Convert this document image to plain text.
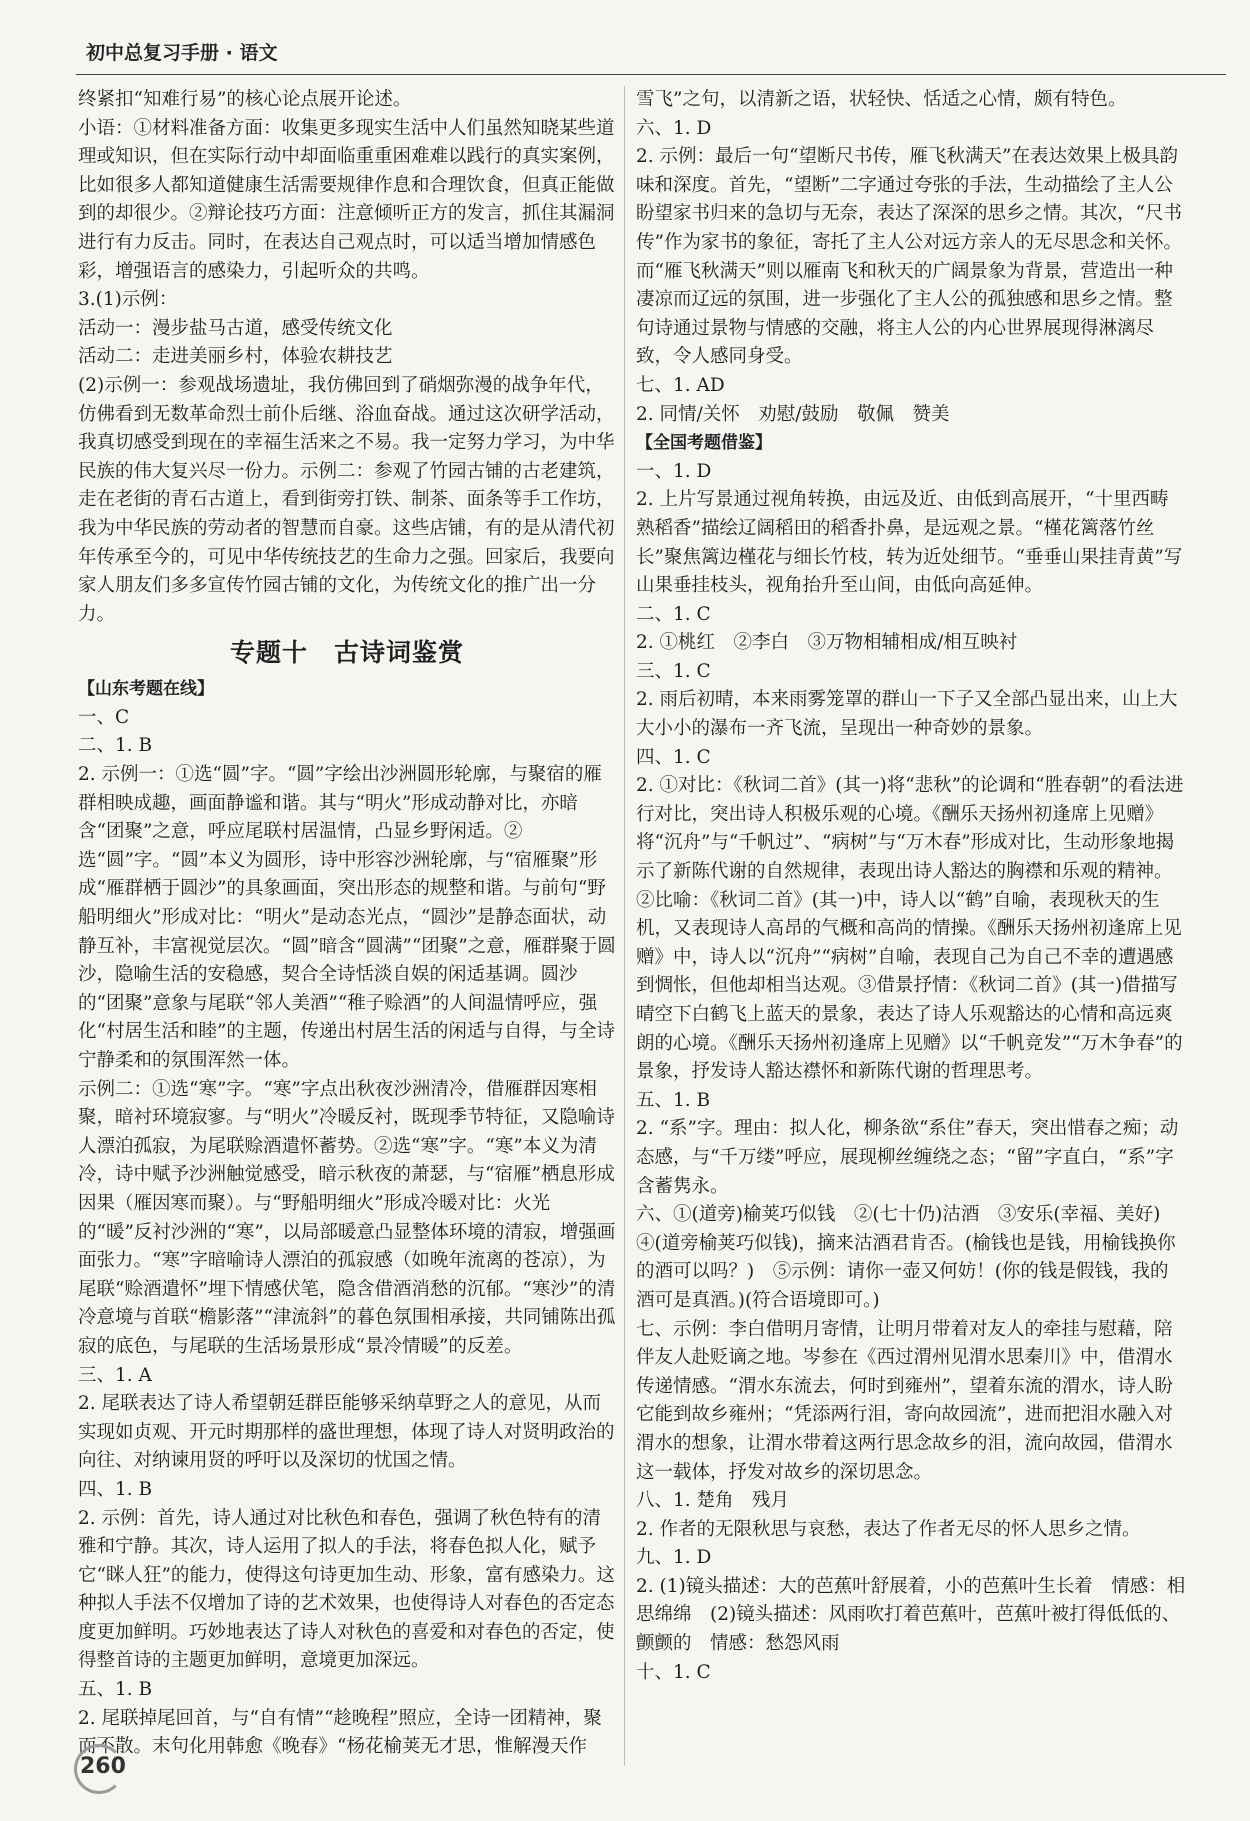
初中总复习手册 · 语文

终紧扣“知难行易”的核心论点展开论述。

小语：①材料准备方面：收集更多现实生活中人们虽然知晓某些道理或知识，但在实际行动中却面临重重困难难以践行的真实案例，比如很多人都知道健康生活需要规律作息和合理饮食，但真正能做到的却很少。②辩论技巧方面：注意倾听正方的发言，抓住其漏洞进行有力反击。同时，在表达自己观点时，可以适当增加情感色彩，增强语言的感染力，引起听众的共鸣。

3.(1)示例：

活动一：漫步盐马古道，感受传统文化

活动二：走进美丽乡村，体验农耕技艺

(2)示例一：参观战场遗址，我仿佛回到了硝烟弥漫的战争年代，仿佛看到无数革命烈士前仆后继、浴血奋战。通过这次研学活动，我真切感受到现在的幸福生活来之不易。我一定努力学习，为中华民族的伟大复兴尽一份力。示例二：参观了竹园古铺的古老建筑，走在老街的青石古道上，看到街旁打铁、制茶、面条等手工作坊，我为中华民族的劳动者的智慧而自豪。这些店铺，有的是从清代初年传承至今的，可见中华传统技艺的生命力之强。回家后，我要向家人朋友们多多宣传竹园古铺的文化，为传统文化的推广出一分力。

专题十　古诗词鉴赏

【山东考题在线】

一、C

二、1. B

2. 示例一：①选“圆”字。“圆”字绘出沙洲圆形轮廓，与聚宿的雁群相映成趣，画面静谧和谐。其与“明火”形成动静对比，亦暗含“团聚”之意，呼应尾联村居温情，凸显乡野闲适。②选“圆”字。“圆”本义为圆形，诗中形容沙洲轮廓，与“宿雁聚”形成“雁群栖于圆沙”的具象画面，突出形态的规整和谐。与前句“野船明细火”形成对比：“明火”是动态光点，“圆沙”是静态面状，动静互补，丰富视觉层次。“圆”暗含“圆满”“团聚”之意，雁群聚于圆沙，隐喻生活的安稳感，契合全诗恬淡自娱的闲适基调。圆沙的“团聚”意象与尾联“邻人美酒”“稚子赊酒”的人间温情呼应，强化“村居生活和睦”的主题，传递出村居生活的闲适与自得，与全诗宁静柔和的氛围浑然一体。

示例二：①选“寒”字。“寒”字点出秋夜沙洲清冷，借雁群因寒相聚，暗衬环境寂寥。与“明火”冷暖反衬，既现季节特征，又隐喻诗人漂泊孤寂，为尾联赊酒遣怀蓄势。②选“寒”字。“寒”本义为清冷，诗中赋予沙洲触觉感受，暗示秋夜的萧瑟，与“宿雁”栖息形成因果（雁因寒而聚）。与“野船明细火”形成冷暖对比：火光的“暖”反衬沙洲的“寒”，以局部暖意凸显整体环境的清寂，增强画面张力。“寒”字暗喻诗人漂泊的孤寂感（如晚年流离的苍凉），为尾联“赊酒遣怀”埋下情感伏笔，隐含借酒消愁的沉郁。“寒沙”的清冷意境与首联“檐影落”“津流斜”的暮色氛围相承接，共同铺陈出孤寂的底色，与尾联的生活场景形成“景冷情暖”的反差。

三、1. A

2. 尾联表达了诗人希望朝廷群臣能够采纳草野之人的意见，从而实现如贞观、开元时期那样的盛世理想，体现了诗人对贤明政治的向往、对纳谏用贤的呼吁以及深切的忧国之情。

四、1. B

2. 示例：首先，诗人通过对比秋色和春色，强调了秋色特有的清雅和宁静。其次，诗人运用了拟人的手法，将春色拟人化，赋予它“眯人狂”的能力，使得这句诗更加生动、形象，富有感染力。这种拟人手法不仅增加了诗的艺术效果，也使得诗人对春色的否定态度更加鲜明。巧妙地表达了诗人对秋色的喜爱和对春色的否定，使得整首诗的主题更加鲜明，意境更加深远。

五、1. B

2. 尾联掉尾回首，与“自有情”“趁晚程”照应，全诗一团精神，聚而不散。末句化用韩愈《晚春》“杨花榆荚无才思，惟解漫天作

雪飞”之句，以清新之语，状轻快、恬适之心情，颇有特色。

六、1. D

2. 示例：最后一句“望断尺书传，雁飞秋满天”在表达效果上极具韵味和深度。首先，“望断”二字通过夸张的手法，生动描绘了主人公盼望家书归来的急切与无奈，表达了深深的思乡之情。其次，“尺书传”作为家书的象征，寄托了主人公对远方亲人的无尽思念和关怀。而“雁飞秋满天”则以雁南飞和秋天的广阔景象为背景，营造出一种凄凉而辽远的氛围，进一步强化了主人公的孤独感和思乡之情。整句诗通过景物与情感的交融，将主人公的内心世界展现得淋漓尽致，令人感同身受。

七、1. AD

2. 同情/关怀　劝慰/鼓励　敬佩　赞美

【全国考题借鉴】

一、1. D

2. 上片写景通过视角转换，由远及近、由低到高展开，“十里西畴熟稻香”描绘辽阔稻田的稻香扑鼻，是远观之景。“槿花篱落竹丝长”聚焦篱边槿花与细长竹枝，转为近处细节。“垂垂山果挂青黄”写山果垂挂枝头，视角抬升至山间，由低向高延伸。

二、1. C

2. ①桃红　②李白　③万物相辅相成/相互映衬

三、1. C

2. 雨后初晴，本来雨雾笼罩的群山一下子又全部凸显出来，山上大大小小的瀑布一齐飞流，呈现出一种奇妙的景象。

四、1. C

2. ①对比：《秋词二首》(其一)将“悲秋”的论调和“胜春朝”的看法进行对比，突出诗人积极乐观的心境。《酬乐天扬州初逢席上见赠》将“沉舟”与“千帆过”、“病树”与“万木春”形成对比，生动形象地揭示了新陈代谢的自然规律，表现出诗人豁达的胸襟和乐观的精神。②比喻：《秋词二首》(其一)中，诗人以“鹤”自喻，表现秋天的生机，又表现诗人高昂的气概和高尚的情操。《酬乐天扬州初逢席上见赠》中，诗人以“沉舟”“病树”自喻，表现自己为自己不幸的遭遇感到惆怅，但他却相当达观。③借景抒情：《秋词二首》(其一)借描写晴空下白鹤飞上蓝天的景象，表达了诗人乐观豁达的心情和高远爽朗的心境。《酬乐天扬州初逢席上见赠》以“千帆竞发”“万木争春”的景象，抒发诗人豁达襟怀和新陈代谢的哲理思考。

五、1. B

2. “系”字。理由：拟人化，柳条欲“系住”春天，突出惜春之痴；动态感，与“千万缕”呼应，展现柳丝缠绕之态；“留”字直白，“系”字含蓄隽永。

六、①(道旁)榆荚巧似钱　②(七十仍)沽酒　③安乐(幸福、美好)　④(道旁榆荚巧似钱)，摘来沽酒君肯否。(榆钱也是钱，用榆钱换你的酒可以吗？)　⑤示例：请你一壶又何妨！(你的钱是假钱，我的酒可是真酒。)(符合语境即可。)

七、示例：李白借明月寄情，让明月带着对友人的牵挂与慰藉，陪伴友人赴贬谪之地。岑参在《西过渭州见渭水思秦川》中，借渭水传递情感。“渭水东流去，何时到雍州”，望着东流的渭水，诗人盼它能到故乡雍州；“凭添两行泪，寄向故园流”，进而把泪水融入对渭水的想象，让渭水带着这两行思念故乡的泪，流向故园，借渭水这一载体，抒发对故乡的深切思念。

八、1. 楚角　残月

2. 作者的无限秋思与哀愁，表达了作者无尽的怀人思乡之情。

九、1. D

2. (1)镜头描述：大的芭蕉叶舒展着，小的芭蕉叶生长着　情感：相思绵绵　(2)镜头描述：风雨吹打着芭蕉叶，芭蕉叶被打得低低的、颤颤的　情感：愁怨风雨

十、1. C

260
